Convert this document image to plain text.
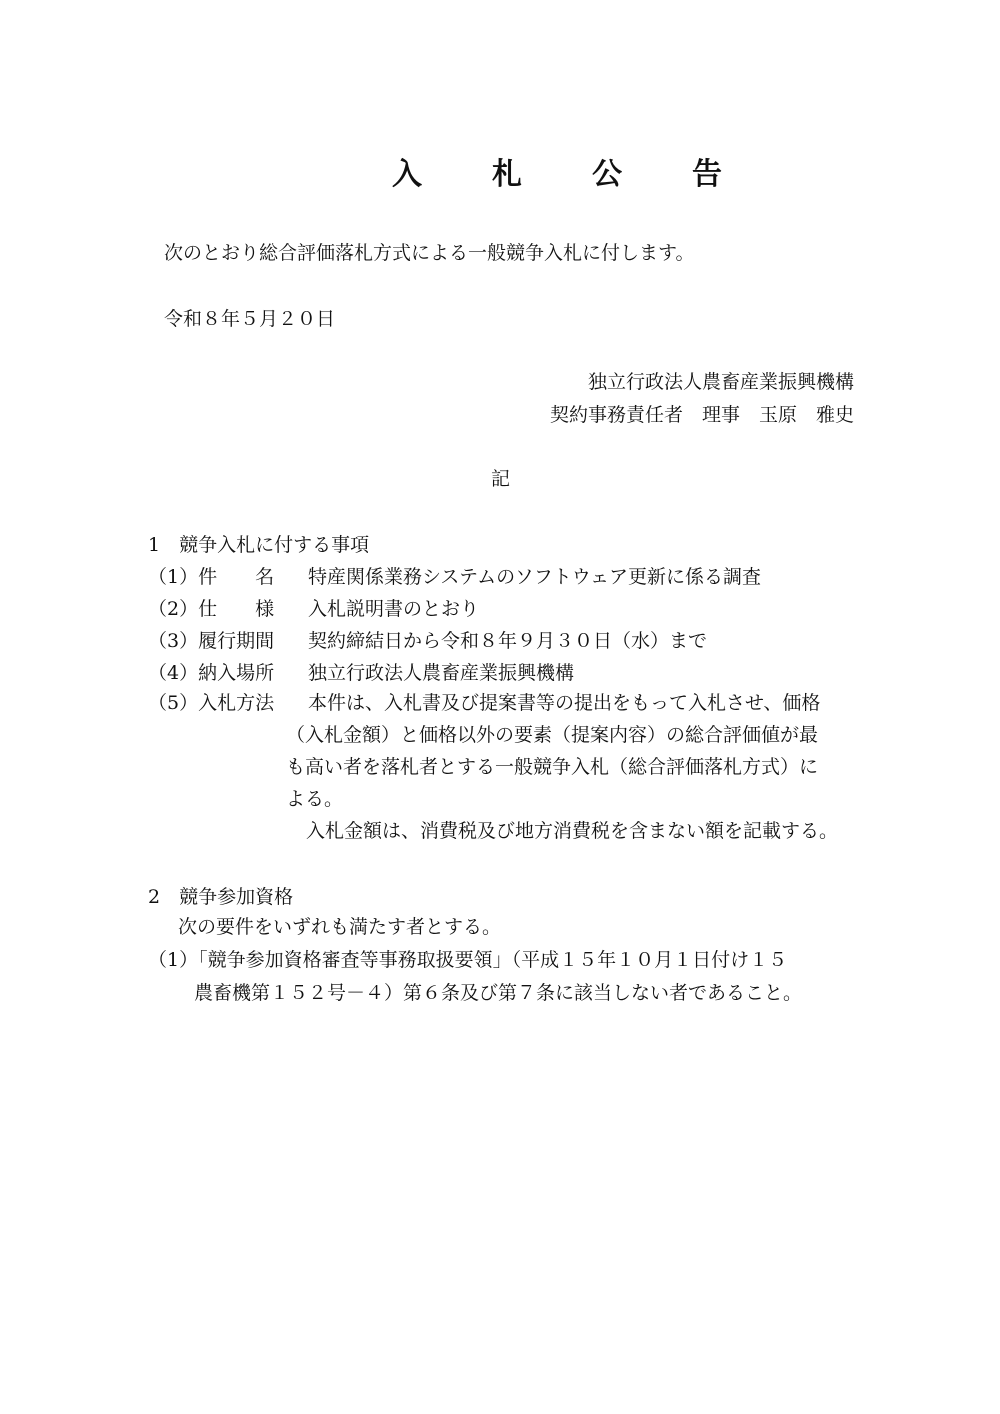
入　札　公　告

次のとおり総合評価落札方式による一般競争入札に付します。

令和８年５月２０日

独立行政法人農畜産業振興機構

契約事務責任者　理事　玉原　雅史

記

1　競争入札に付する事項

（1）件　　名 特産関係業務システムのソフトウェア更新に係る調査

（2）仕　　様 入札説明書のとおり

（3）履行期間 契約締結日から令和８年９月３０日（水）まで

（4）納入場所 独立行政法人農畜産業振興機構

（5）入札方法 本件は、入札書及び提案書等の提出をもって入札させ、価格

（入札金額）と価格以外の要素（提案内容）の総合評価値が最

も高い者を落札者とする一般競争入札（総合評価落札方式）に

よる。

入札金額は、消費税及び地方消費税を含まない額を記載する。

2　競争参加資格

次の要件をいずれも満たす者とする。

（1）「競争参加資格審査等事務取扱要領」（平成１５年１０月１日付け１５

農畜機第１５２号－４）第６条及び第７条に該当しない者であること。
